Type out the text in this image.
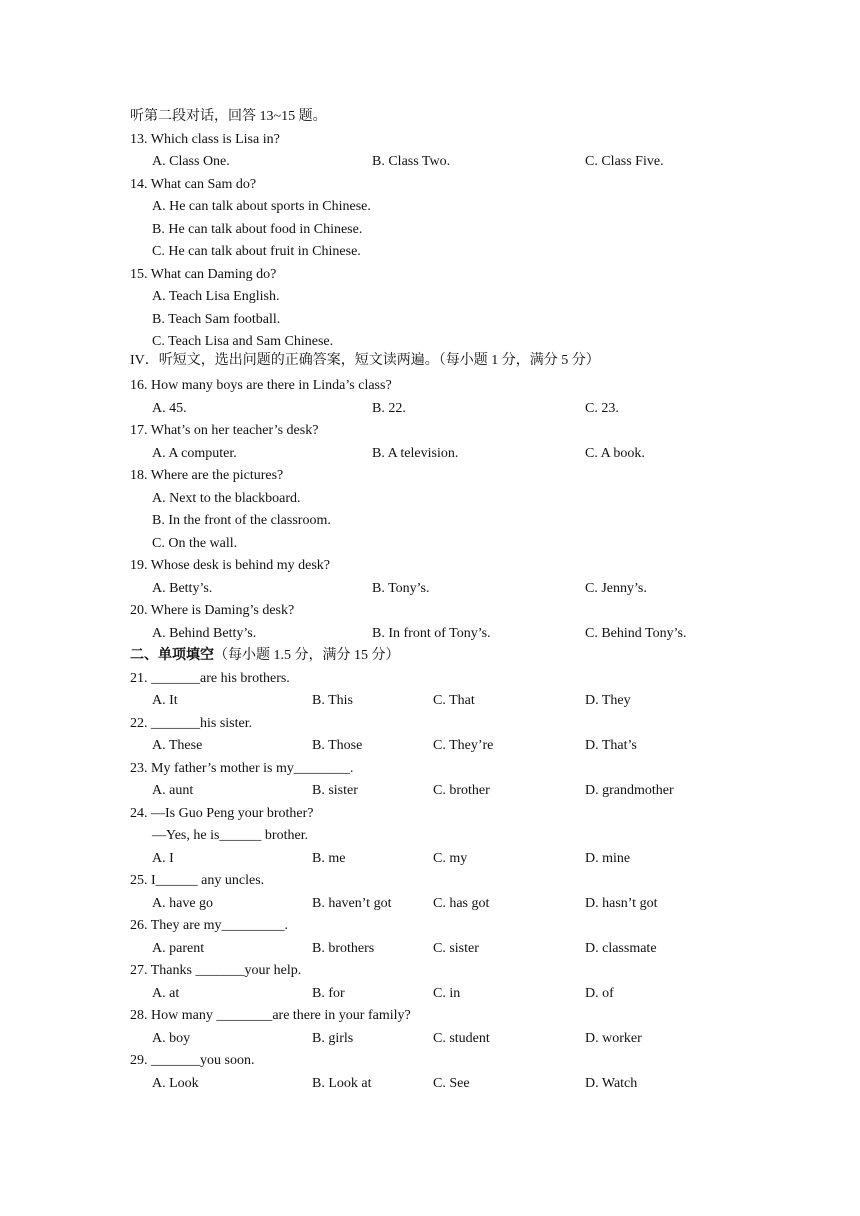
听第二段对话，回答 13~15 题。
13. Which class is Lisa in?
A. Class One.	B. Class Two.	C. Class Five.
14. What can Sam do?
A. He can talk about sports in Chinese.
B. He can talk about food in Chinese.
C. He can talk about fruit in Chinese.
15. What can Daming do?
A. Teach Lisa English.
B. Teach Sam football.
C. Teach Lisa and Sam Chinese.
IV．听短文，选出问题的正确答案，短文读两遍。（每小题 1 分，满分 5 分）
16. How many boys are there in Linda’s class?
A. 45.	B. 22.	C. 23.
17. What’s on her teacher’s desk?
A. A computer.	B. A television.	C. A book.
18. Where are the pictures?
A. Next to the blackboard.
B. In the front of the classroom.
C. On the wall.
19. Whose desk is behind my desk?
A. Betty’s.	B. Tony’s.	C. Jenny’s.
20. Where is Daming’s desk?
A. Behind Betty’s.	B. In front of Tony’s.	C. Behind Tony’s.
二、单项填空（每小题 1.5 分，满分 15 分）
21. _______are his brothers.
A. It	B. This	C. That	D. They
22. _______his sister.
A. These	B. Those	C. They’re	D. That’s
23. My father’s mother is my________.
A. aunt	B. sister	C. brother	D. grandmother
24. —Is Guo Peng your brother?
—Yes, he is______ brother.
A. I	B. me	C. my	D. mine
25. I______ any uncles.
A. have go	B. haven’t got	C. has got	D. hasn’t got
26. They are my_________.
A. parent	B. brothers	C. sister	D. classmate
27. Thanks _______your help.
A. at	B. for	C. in	D. of
28. How many ________are there in your family?
A. boy	B. girls	C. student	D. worker
29. _______you soon.
A. Look	B. Look at	C. See	D. Watch
